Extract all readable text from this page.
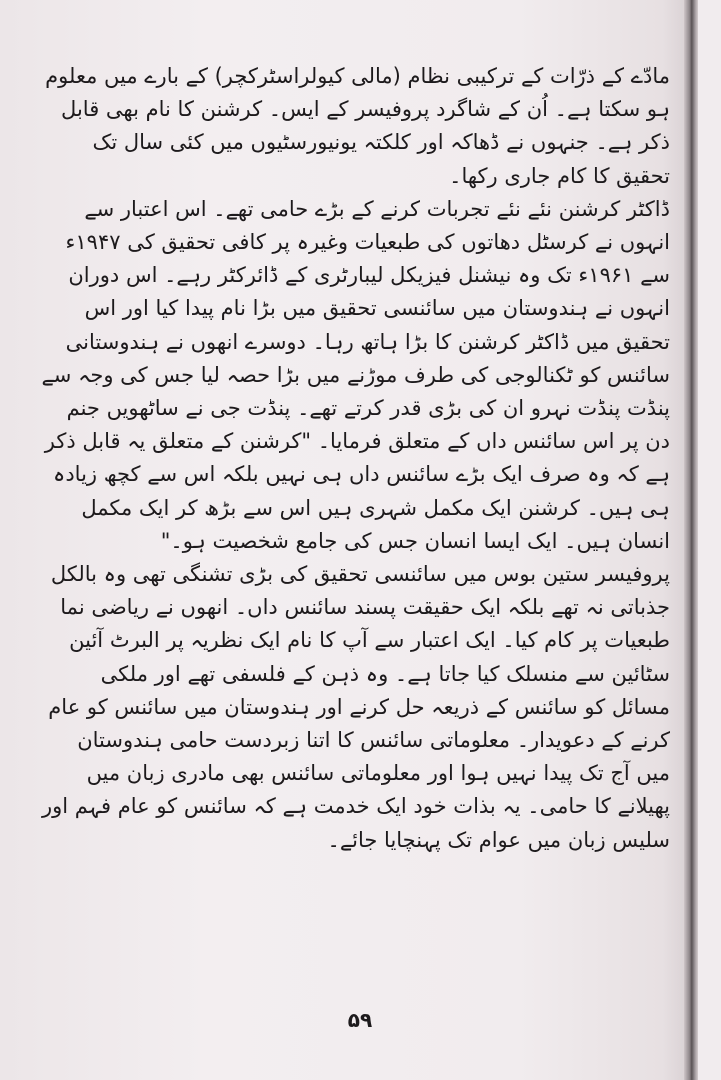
مادّے کے ذرّات کے ترکیبی نظام (مالی کیولراسٹرکچر) کے بارے میں معلوم ہو سکتا ہے۔ اُن کے شاگرد پروفیسر کے ایس۔ کرشنن کا نام بھی قابل ذکر ہے۔ جنہوں نے ڈھاکہ اور کلکتہ یونیورسٹیوں میں کئی سال تک تحقیق کا کام جاری رکھا۔

ڈاکٹر کرشنن نئے نئے تجربات کرنے کے بڑے حامی تھے۔ اس اعتبار سے انہوں نے کرسٹل دھاتوں کی طبعیات وغیرہ پر کافی تحقیق کی ۱۹۴۷ء سے ۱۹۶۱ء تک وہ نیشنل فیزیکل لیبارٹری کے ڈائرکٹر رہے۔ اس دوران انہوں نے ہندوستان میں سائنسی تحقیق میں بڑا نام پیدا کیا اور اس تحقیق میں ڈاکٹر کرشنن کا بڑا ہاتھ رہا۔ دوسرے انھوں نے ہندوستانی سائنس کو ٹکنالوجی کی طرف موڑنے میں بڑا حصہ لیا جس کی وجہ سے پنڈت پنڈت نہرو ان کی بڑی قدر کرتے تھے۔ پنڈت جی نے ساٹھویں جنم دن پر اس سائنس داں کے متعلق فرمایا۔ "کرشنن کے متعلق یہ قابل ذکر ہے کہ وہ صرف ایک بڑے سائنس داں ہی نہیں بلکہ اس سے کچھ زیادہ ہی ہیں۔ کرشنن ایک مکمل شہری ہیں اس سے بڑھ کر ایک مکمل انسان ہیں۔ ایک ایسا انسان جس کی جامع شخصیت ہو۔"

پروفیسر ستین بوس میں سائنسی تحقیق کی بڑی تشنگی تھی وہ بالکل جذباتی نہ تھے بلکہ ایک حقیقت پسند سائنس داں۔ انھوں نے ریاضی نما طبعیات پر کام کیا۔ ایک اعتبار سے آپ کا نام ایک نظریہ پر البرٹ آئین سٹائین سے منسلک کیا جاتا ہے۔ وہ ذہن کے فلسفی تھے اور ملکی مسائل کو سائنس کے ذریعہ حل کرنے اور ہندوستان میں سائنس کو عام کرنے کے دعویدار۔ معلوماتی سائنس کا اتنا زبردست حامی ہندوستان میں آج تک پیدا نہیں ہوا اور معلوماتی سائنس بھی مادری زبان میں پھیلانے کا حامی۔ یہ بذات خود ایک خدمت ہے کہ سائنس کو عام فہم اور سلیس زبان میں عوام تک پہنچایا جائے۔

۵۹
